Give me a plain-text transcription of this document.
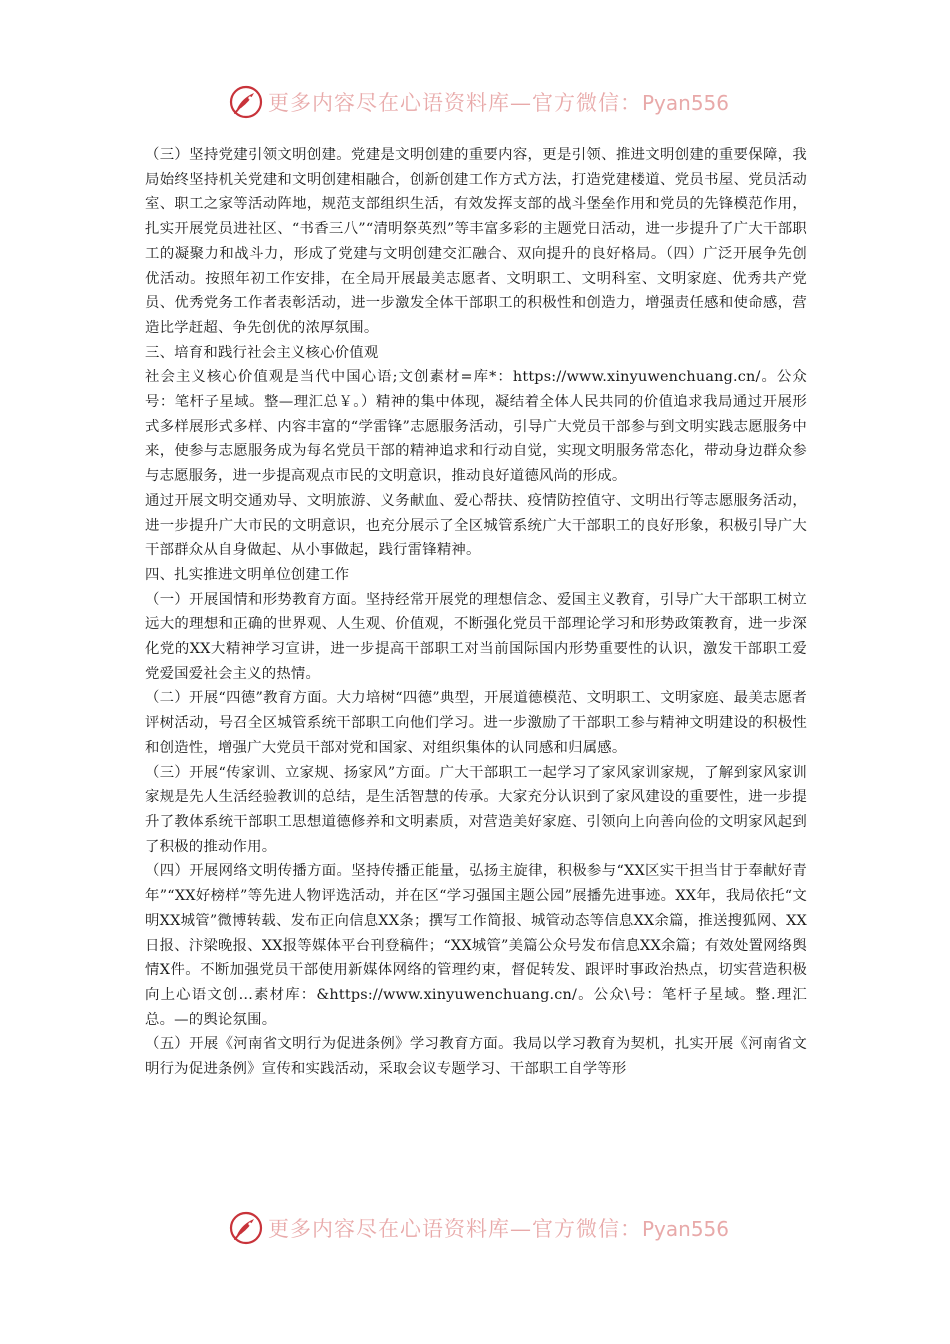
更多内容尽在心语资料库—官方微信：Pyan556

（三）坚持党建引领文明创建。党建是文明创建的重要内容，更是引领、推进文明创建的重要保障，我局始终坚持机关党建和文明创建相融合，创新创建工作方式方法，打造党建楼道、党员书屋、党员活动室、职工之家等活动阵地，规范支部组织生活，有效发挥支部的战斗堡垒作用和党员的先锋模范作用，扎实开展党员进社区、“书香三八”“清明祭英烈”等丰富多彩的主题党日活动，进一步提升了广大干部职工的凝聚力和战斗力，形成了党建与文明创建交汇融合、双向提升的良好格局。（四）广泛开展争先创优活动。按照年初工作安排，在全局开展最美志愿者、文明职工、文明科室、文明家庭、优秀共产党员、优秀党务工作者表彰活动，进一步激发全体干部职工的积极性和创造力，增强责任感和使命感，营造比学赶超、争先创优的浓厚氛围。

三、培育和践行社会主义核心价值观

社会主义核心价值观是当代中国心语;文创素材=库*：https://www.xinyuwenchuang.cn/。公众号：笔杆子星域。整—理汇总￥。）精神的集中体现，凝结着全体人民共同的价值追求我局通过开展形式多样展形式多样、内容丰富的“学雷锋”志愿服务活动，引导广大党员干部参与到文明实践志愿服务中来，使参与志愿服务成为每名党员干部的精神追求和行动自觉，实现文明服务常态化，带动身边群众参与志愿服务，进一步提高观点市民的文明意识，推动良好道德风尚的形成。

通过开展文明交通劝导、文明旅游、义务献血、爱心帮扶、疫情防控值守、文明出行等志愿服务活动，进一步提升广大市民的文明意识，也充分展示了全区城管系统广大干部职工的良好形象，积极引导广大干部群众从自身做起、从小事做起，践行雷锋精神。

四、扎实推进文明单位创建工作

（一）开展国情和形势教育方面。坚持经常开展党的理想信念、爱国主义教育，引导广大干部职工树立远大的理想和正确的世界观、人生观、价值观，不断强化党员干部理论学习和形势政策教育，进一步深化党的XX大精神学习宣讲，进一步提高干部职工对当前国际国内形势重要性的认识，激发干部职工爱党爱国爱社会主义的热情。

（二）开展“四德”教育方面。大力培树“四德”典型，开展道德模范、文明职工、文明家庭、最美志愿者评树活动，号召全区城管系统干部职工向他们学习。进一步激励了干部职工参与精神文明建设的积极性和创造性，增强广大党员干部对党和国家、对组织集体的认同感和归属感。

（三）开展“传家训、立家规、扬家风”方面。广大干部职工一起学习了家风家训家规，了解到家风家训家规是先人生活经验教训的总结，是生活智慧的传承。大家充分认识到了家风建设的重要性，进一步提升了教体系统干部职工思想道德修养和文明素质，对营造美好家庭、引领向上向善向俭的文明家风起到了积极的推动作用。

（四）开展网络文明传播方面。坚持传播正能量，弘扬主旋律，积极参与“XX区实干担当甘于奉献好青年”“XX好榜样”等先进人物评选活动，并在区“学习强国主题公园”展播先进事迹。XX年，我局依托“文明XX城管”微博转载、发布正向信息XX条；撰写工作简报、城管动态等信息XX余篇，推送搜狐网、XX日报、汴梁晚报、XX报等媒体平台刊登稿件；“XX城管”美篇公众号发布信息XX余篇；有效处置网络舆情X件。不断加强党员干部使用新媒体网络的管理约束，督促转发、跟评时事政治热点，切实营造积极向上心语文创…素材库：&https://www.xinyuwenchuang.cn/。公众\号：笔杆子星域。整.理汇总。—的舆论氛围。

（五）开展《河南省文明行为促进条例》学习教育方面。我局以学习教育为契机，扎实开展《河南省文明行为促进条例》宣传和实践活动，采取会议专题学习、干部职工自学等形

更多内容尽在心语资料库—官方微信：Pyan556
